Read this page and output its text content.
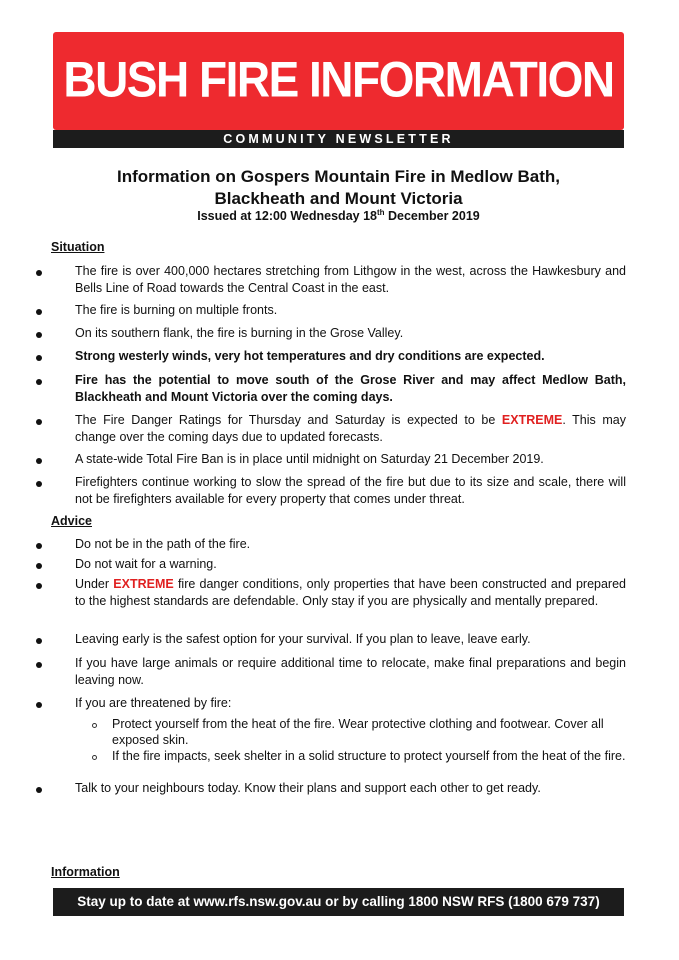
BUSH FIRE INFORMATION
COMMUNITY NEWSLETTER
Information on Gospers Mountain Fire in Medlow Bath,
Blackheath and Mount Victoria
Issued at 12:00 Wednesday 18th December 2019
Situation
The fire is over 400,000 hectares stretching from Lithgow in the west, across the Hawkesbury and Bells Line of Road towards the Central Coast in the east.
The fire is burning on multiple fronts.
On its southern flank, the fire is burning in the Grose Valley.
Strong westerly winds, very hot temperatures and dry conditions are expected.
Fire has the potential to move south of the Grose River and may affect Medlow Bath, Blackheath and Mount Victoria over the coming days.
The Fire Danger Ratings for Thursday and Saturday is expected to be EXTREME. This may change over the coming days due to updated forecasts.
A state-wide Total Fire Ban is in place until midnight on Saturday 21 December 2019.
Firefighters continue working to slow the spread of the fire but due to its size and scale, there will not be firefighters available for every property that comes under threat.
Advice
Do not be in the path of the fire.
Do not wait for a warning.
Under EXTREME fire danger conditions, only properties that have been constructed and prepared to the highest standards are defendable. Only stay if you are physically and mentally prepared.
Leaving early is the safest option for your survival. If you plan to leave, leave early.
If you have large animals or require additional time to relocate, make final preparations and begin leaving now.
If you are threatened by fire:
Protect yourself from the heat of the fire. Wear protective clothing and footwear. Cover all exposed skin.
If the fire impacts, seek shelter in a solid structure to protect yourself from the heat of the fire.
Talk to your neighbours today. Know their plans and support each other to get ready.
Information
Stay up to date at www.rfs.nsw.gov.au or by calling 1800 NSW RFS (1800 679 737)
